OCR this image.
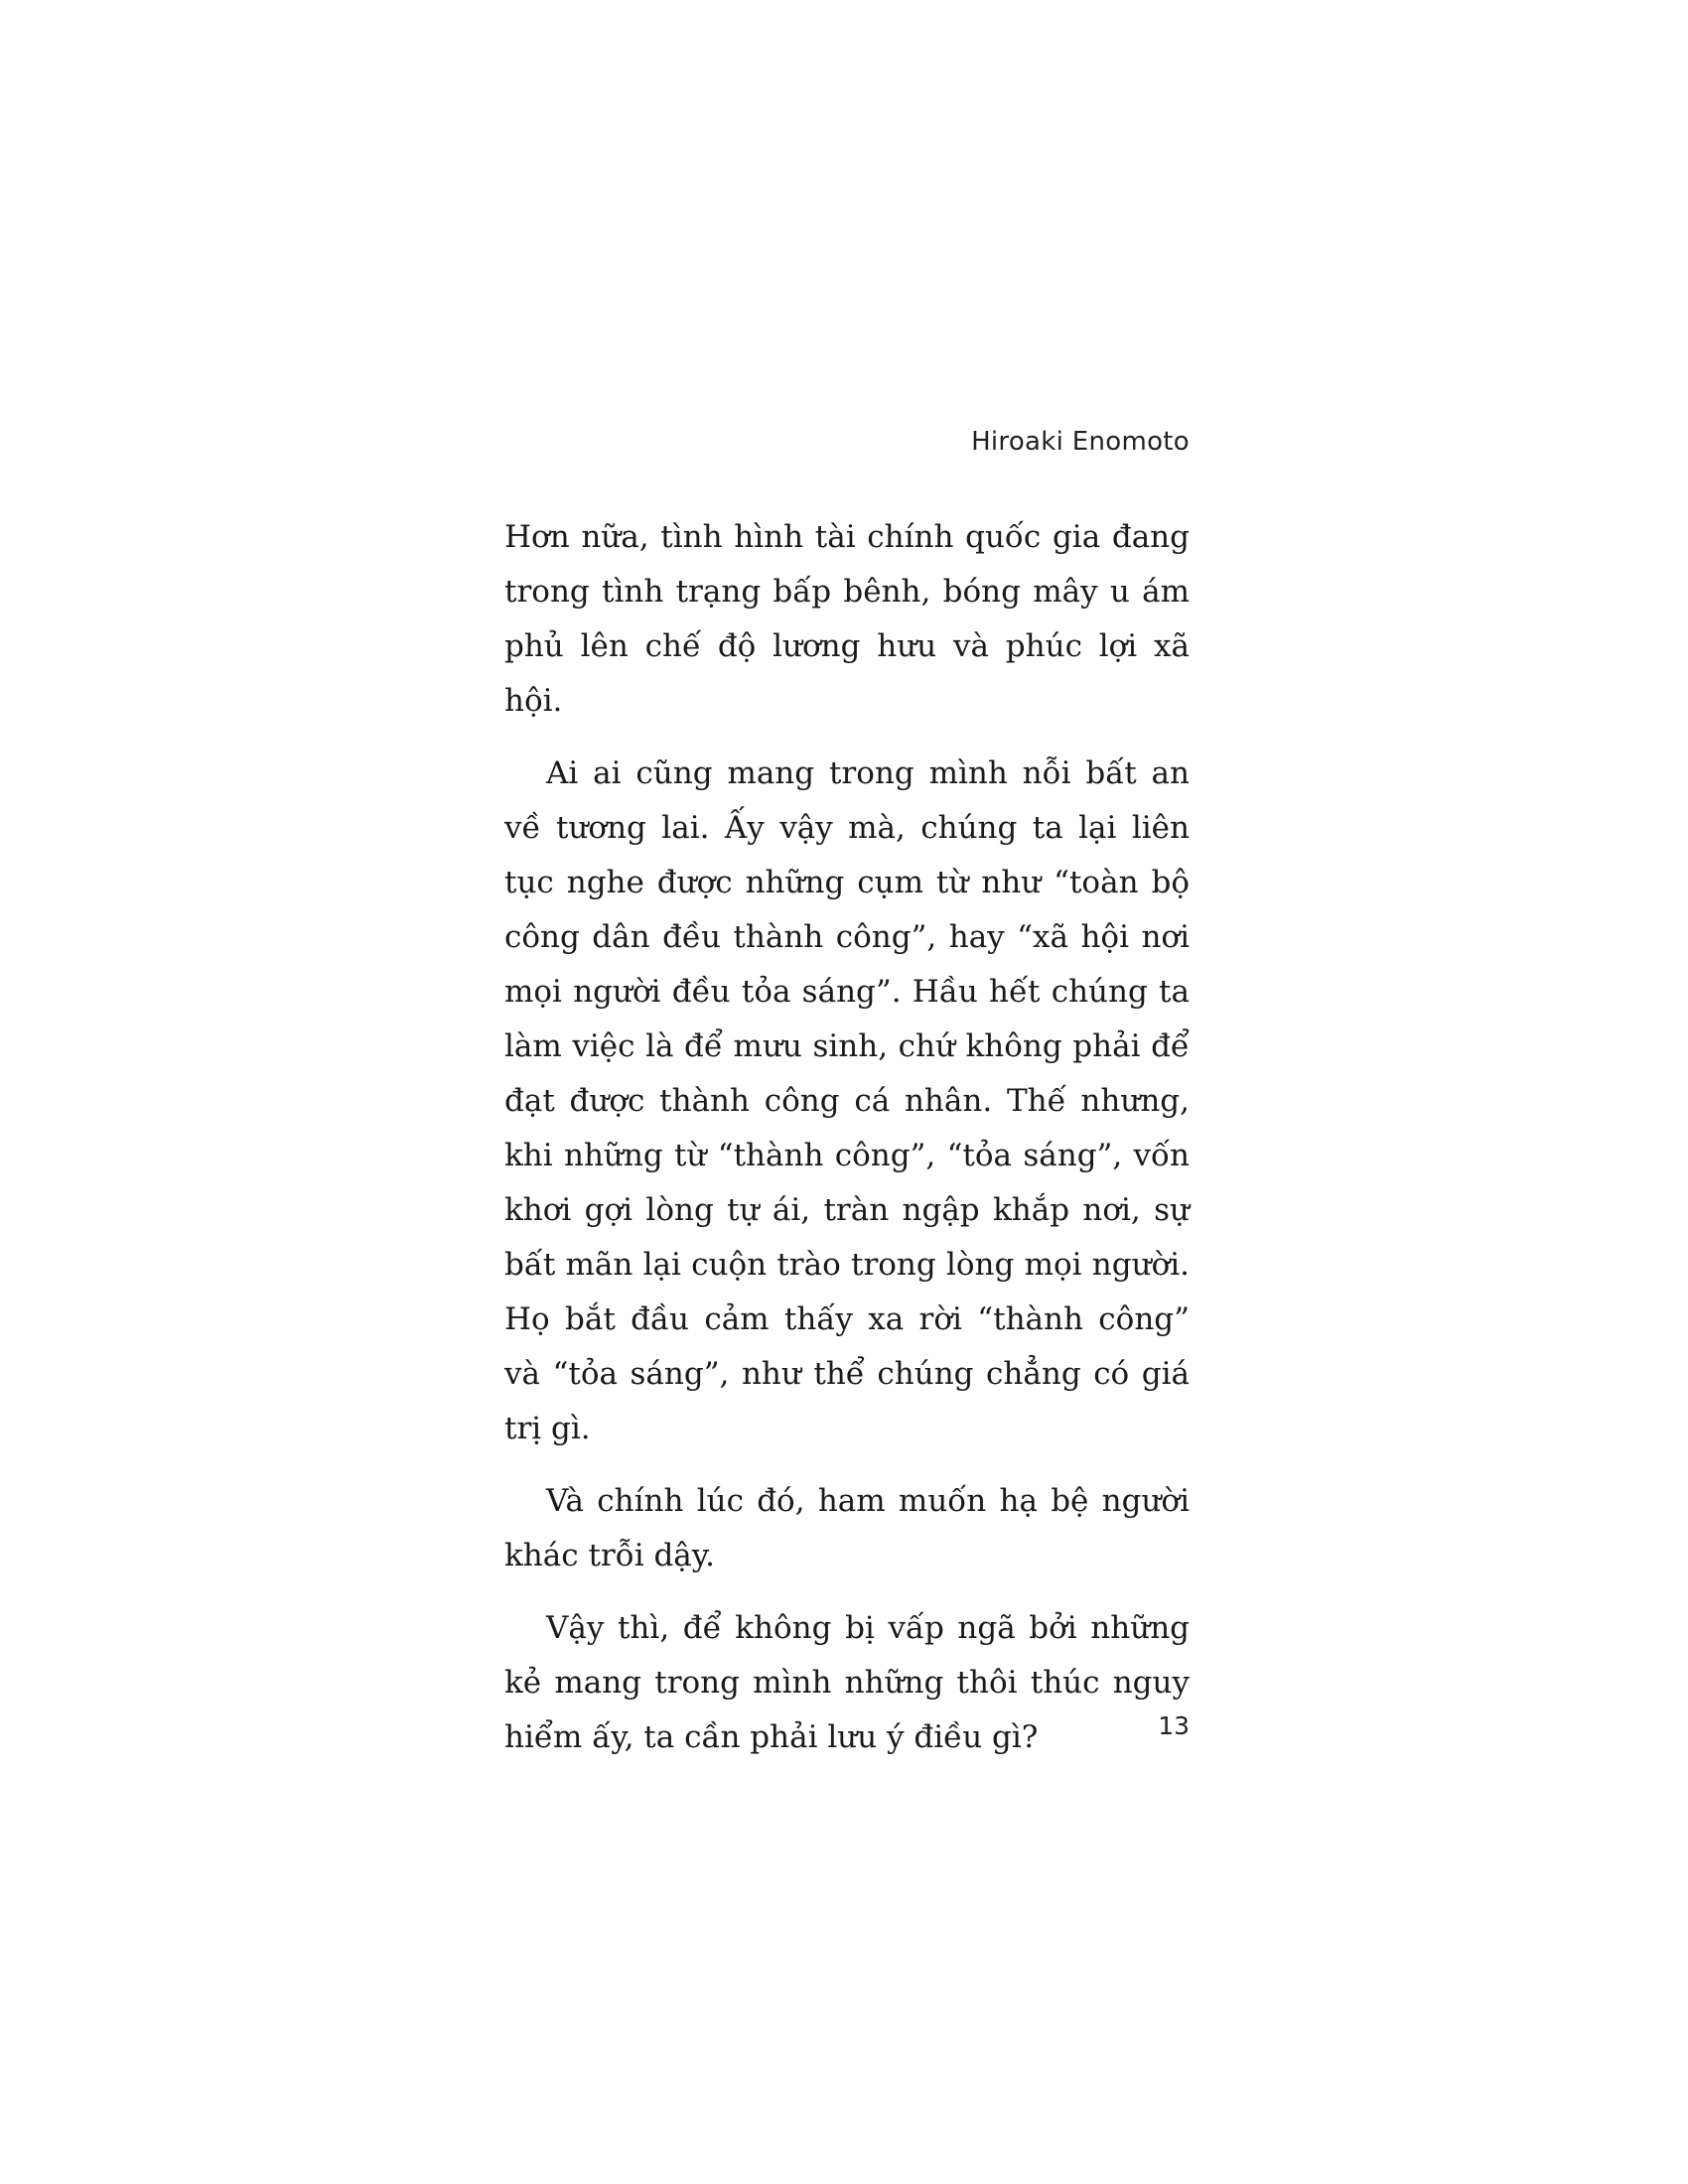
Hiroaki Enomoto

Hơn nữa, tình hình tài chính quốc gia đang trong tình trạng bấp bênh, bóng mây u ám phủ lên chế độ lương hưu và phúc lợi xã hội.

Ai ai cũng mang trong mình nỗi bất an về tương lai. Ấy vậy mà, chúng ta lại liên tục nghe được những cụm từ như “toàn bộ công dân đều thành công”, hay “xã hội nơi mọi người đều tỏa sáng”. Hầu hết chúng ta làm việc là để mưu sinh, chứ không phải để đạt được thành công cá nhân. Thế nhưng, khi những từ “thành công”, “tỏa sáng”, vốn khơi gợi lòng tự ái, tràn ngập khắp nơi, sự bất mãn lại cuộn trào trong lòng mọi người. Họ bắt đầu cảm thấy xa rời “thành công” và “tỏa sáng”, như thể chúng chẳng có giá trị gì.

Và chính lúc đó, ham muốn hạ bệ người khác trỗi dậy.

Vậy thì, để không bị vấp ngã bởi những kẻ mang trong mình những thôi thúc nguy hiểm ấy, ta cần phải lưu ý điều gì?	13
